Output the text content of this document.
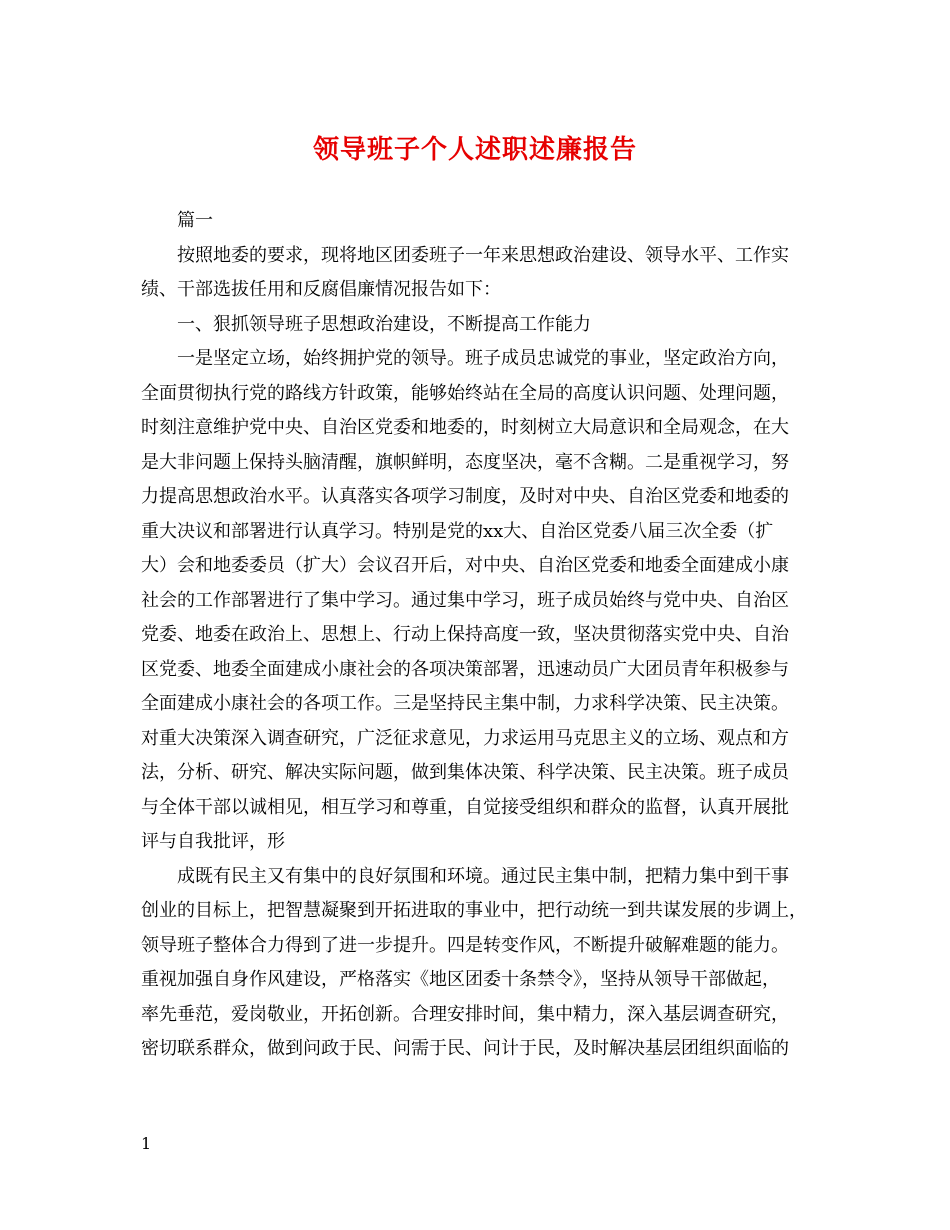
领导班子个人述职述廉报告

篇一
按照地委的要求，现将地区团委班子一年来思想政治建设、领导水平、工作实
绩、干部选拔任用和反腐倡廉情况报告如下：
一、狠抓领导班子思想政治建设，不断提高工作能力
一是坚定立场，始终拥护党的领导。班子成员忠诚党的事业，坚定政治方向，
全面贯彻执行党的路线方针政策，能够始终站在全局的高度认识问题、处理问题，
时刻注意维护党中央、自治区党委和地委的，时刻树立大局意识和全局观念，在大
是大非问题上保持头脑清醒，旗帜鲜明，态度坚决，毫不含糊。二是重视学习，努
力提高思想政治水平。认真落实各项学习制度，及时对中央、自治区党委和地委的
重大决议和部署进行认真学习。特别是党的xx大、自治区党委八届三次全委（扩
大）会和地委委员（扩大）会议召开后，对中央、自治区党委和地委全面建成小康
社会的工作部署进行了集中学习。通过集中学习，班子成员始终与党中央、自治区
党委、地委在政治上、思想上、行动上保持高度一致，坚决贯彻落实党中央、自治
区党委、地委全面建成小康社会的各项决策部署，迅速动员广大团员青年积极参与
全面建成小康社会的各项工作。三是坚持民主集中制，力求科学决策、民主决策。
对重大决策深入调查研究，广泛征求意见，力求运用马克思主义的立场、观点和方
法，分析、研究、解决实际问题，做到集体决策、科学决策、民主决策。班子成员
与全体干部以诚相见，相互学习和尊重，自觉接受组织和群众的监督，认真开展批
评与自我批评，形
成既有民主又有集中的良好氛围和环境。通过民主集中制，把精力集中到干事
创业的目标上，把智慧凝聚到开拓进取的事业中，把行动统一到共谋发展的步调上，
领导班子整体合力得到了进一步提升。四是转变作风，不断提升破解难题的能力。
重视加强自身作风建设，严格落实《地区团委十条禁令》，坚持从领导干部做起，
率先垂范，爱岗敬业，开拓创新。合理安排时间，集中精力，深入基层调查研究，
密切联系群众，做到问政于民、问需于民、问计于民，及时解决基层团组织面临的

1
